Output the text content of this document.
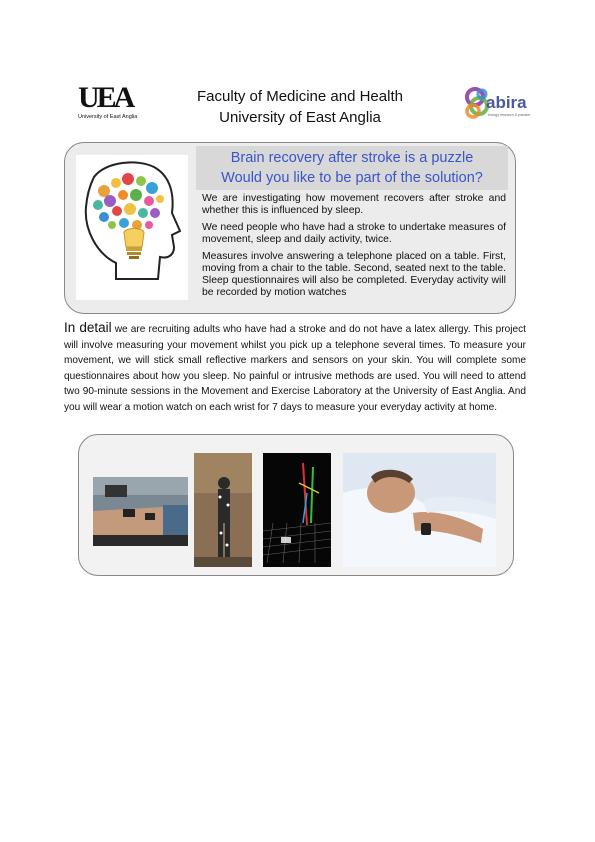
UEA
University of East Anglia
Faculty of Medicine and Health
University of East Anglia
abira
biology research & practice
Brain recovery after stroke is a puzzle
Would you like to be part of the solution?

We are investigating how movement recovers after stroke and whether this is influenced by sleep.

We need people who have had a stroke to undertake measures of movement, sleep and daily activity, twice.

Measures involve answering a telephone placed on a table. First, moving from a chair to the table. Second, seated next to the table. Sleep questionnaires will also be completed. Everyday activity will be recorded by motion watches

In detail we are recruiting adults who have had a stroke and do not have a latex allergy. This project will involve measuring your movement whilst you pick up a telephone several times. To measure your movement, we will stick small reflective markers and sensors on your skin. You will complete some questionnaires about how you sleep. No painful or intrusive methods are used. You will need to attend two 90-minute sessions in the Movement and Exercise Laboratory at the University of East Anglia. And you will wear a motion watch on each wrist for 7 days to measure your everyday activity at home.
